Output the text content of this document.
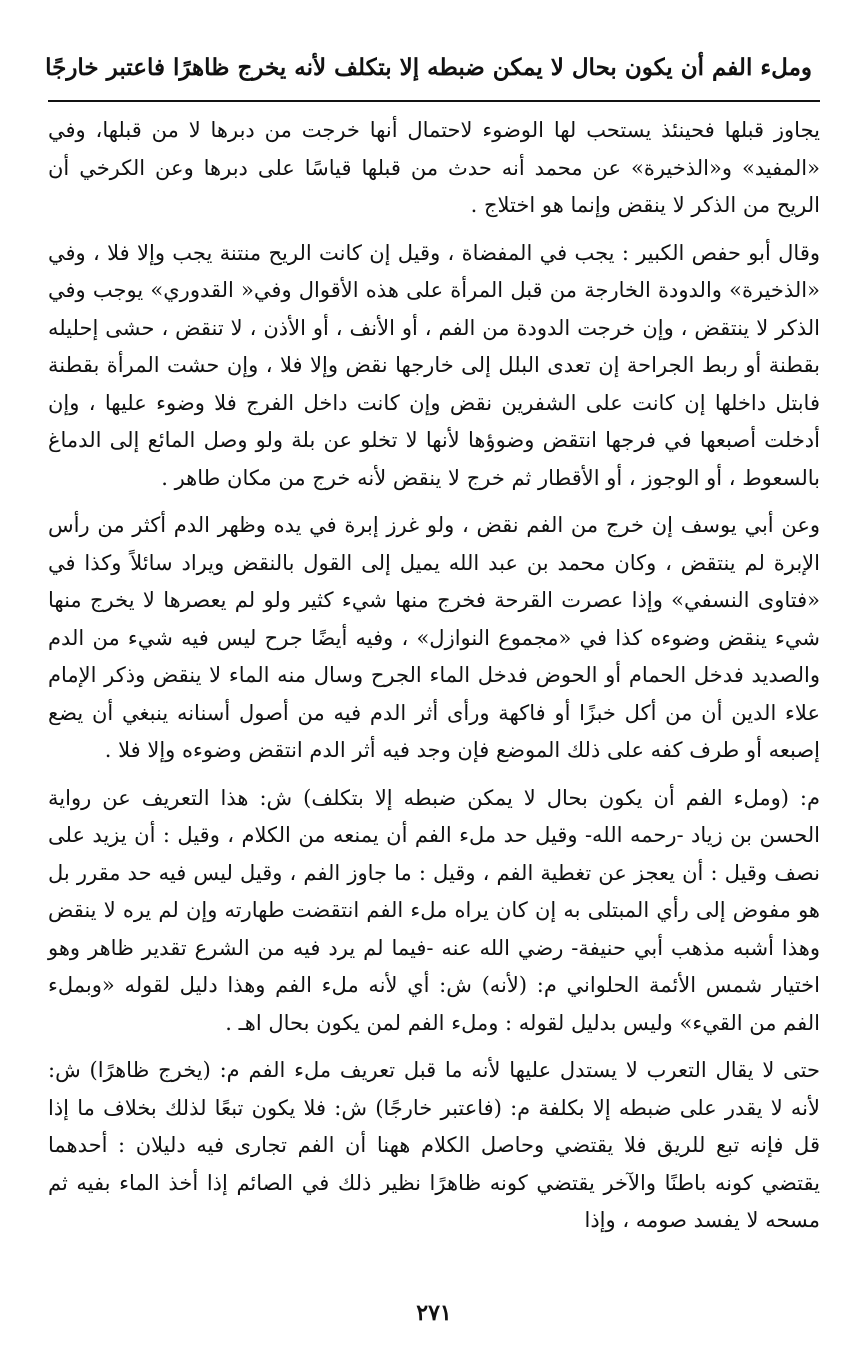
وملء الفم أن يكون بحال لا يمكن ضبطه إلا بتكلف لأنه يخرج ظاهرًا فاعتبر خارجًا

يجاوز قبلها فحينئذ يستحب لها الوضوء لاحتمال أنها خرجت من دبرها لا من قبلها، وفي «المفيد» و«الذخيرة» عن محمد أنه حدث من قبلها قياسًا على دبرها وعن الكرخي أن الريح من الذكر لا ينقض وإنما هو اختلاج .

وقال أبو حفص الكبير : يجب في المفضاة ، وقيل إن كانت الريح منتنة يجب وإلا فلا ، وفي «الذخيرة» والدودة الخارجة من قبل المرأة على هذه الأقوال وفي« القدوري» يوجب وفي الذكر لا ينتقض ، وإن خرجت الدودة من الفم ، أو الأنف ، أو الأذن ، لا تنقض ، حشى إحليله بقطنة أو ربط الجراحة إن تعدى البلل إلى خارجها نقض وإلا فلا ، وإن حشت المرأة بقطنة فابتل داخلها إن كانت على الشفرين نقض وإن كانت داخل الفرج فلا وضوء عليها ، وإن أدخلت أصبعها في فرجها انتقض وضوؤها لأنها لا تخلو عن بلة ولو وصل المائع إلى الدماغ بالسعوط ، أو الوجوز ، أو الأقطار ثم خرج لا ينقض لأنه خرج من مكان طاهر .

وعن أبي يوسف إن خرج من الفم نقض ، ولو غرز إبرة في يده وظهر الدم أكثر من رأس الإبرة لم ينتقض ، وكان محمد بن عبد الله يميل إلى القول بالنقض ويراد سائلاً وكذا في «فتاوى النسفي» وإذا عصرت القرحة فخرج منها شيء كثير ولو لم يعصرها لا يخرج منها شيء ينقض وضوءه كذا في «مجموع النوازل» ، وفيه أيضًا جرح ليس فيه شيء من الدم والصديد فدخل الحمام أو الحوض فدخل الماء الجرح وسال منه الماء لا ينقض وذكر الإمام علاء الدين أن من أكل خبزًا أو فاكهة ورأى أثر الدم فيه من أصول أسنانه ينبغي أن يضع إصبعه أو طرف كفه على ذلك الموضع فإن وجد فيه أثر الدم انتقض وضوءه وإلا فلا .

م: (وملء الفم أن يكون بحال لا يمكن ضبطه إلا بتكلف) ش: هذا التعريف عن رواية الحسن بن زياد -رحمه الله- وقيل حد ملء الفم أن يمنعه من الكلام ، وقيل : أن يزيد على نصف وقيل : أن يعجز عن تغطية الفم ، وقيل : ما جاوز الفم ، وقيل ليس فيه حد مقرر بل هو مفوض إلى رأي المبتلى به إن كان يراه ملء الفم انتقضت طهارته وإن لم يره لا ينقض وهذا أشبه مذهب أبي حنيفة- رضي الله عنه -فيما لم يرد فيه من الشرع تقدير ظاهر وهو اختيار شمس الأئمة الحلواني م: (لأنه) ش: أي لأنه ملء الفم وهذا دليل لقوله «وبملء الفم من القيء» وليس بدليل لقوله : وملء الفم لمن يكون بحال اهـ .

حتى لا يقال التعرب لا يستدل عليها لأنه ما قبل تعريف ملء الفم م: (يخرج ظاهرًا) ش: لأنه لا يقدر على ضبطه إلا بكلفة م: (فاعتبر خارجًا) ش: فلا يكون تبعًا لذلك بخلاف ما إذا قل فإنه تبع للريق فلا يقتضي وحاصل الكلام ههنا أن الفم تجارى فيه دليلان : أحدهما يقتضي كونه باطنًا والآخر يقتضي كونه ظاهرًا نظير ذلك في الصائم إذا أخذ الماء بفيه ثم مسحه لا يفسد صومه ، وإذا

٢٧١
